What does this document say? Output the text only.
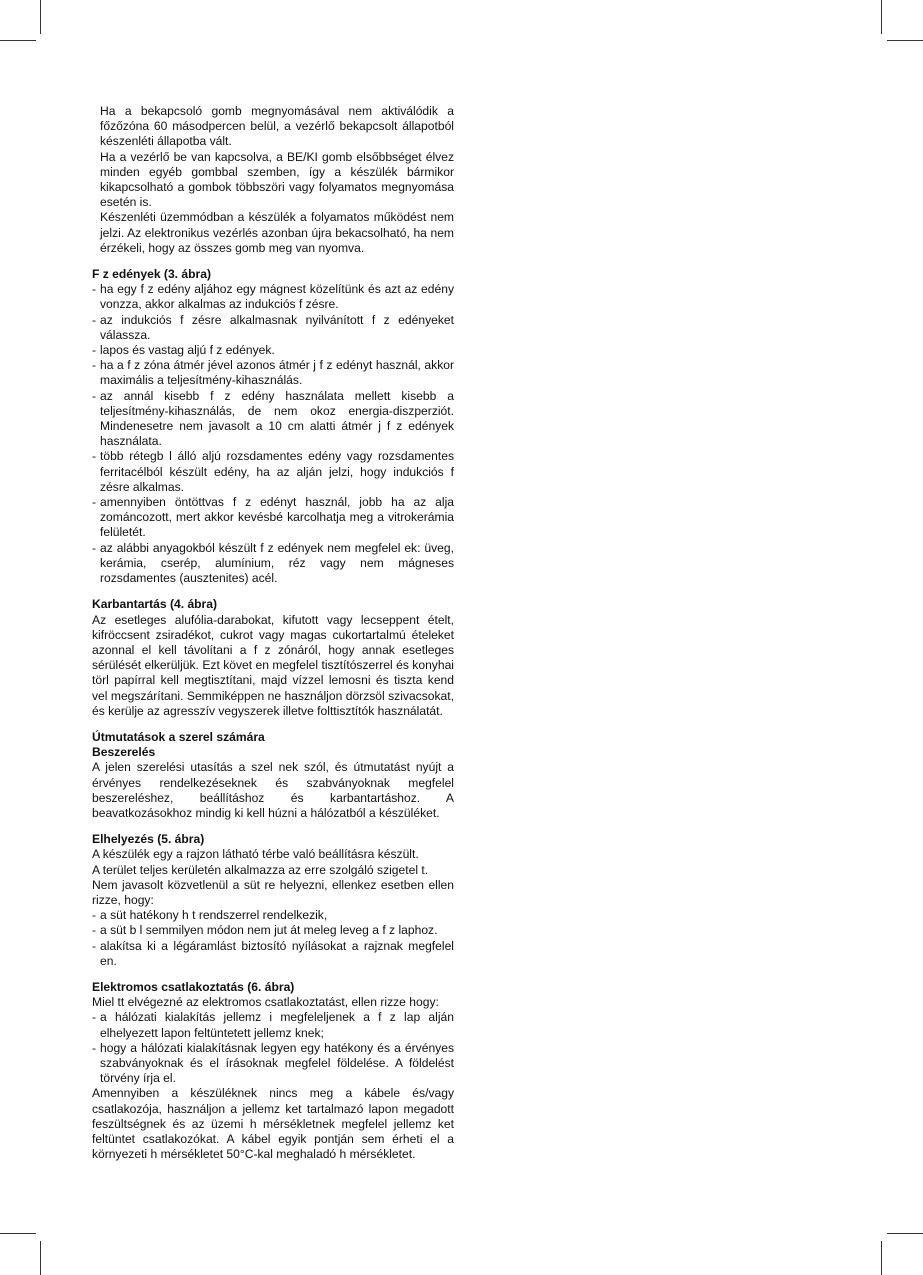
Ha a bekapcsoló gomb megnyomásával nem aktiválódik a főzőzóna 60 másodpercen belül, a vezérlő bekapcsolt állapotból készenléti állapotba vált.

Ha a vezérlő be van kapcsolva, a BE/KI gomb elsőbbséget élvez minden egyéb gombbal szemben, így a készülék bármikor kikapcsolható a gombok többszöri vagy folyamatos megnyomása esetén is.

Készenléti üzemmódban a készülék a folyamatos működést nem jelzi. Az elektronikus vezérlés azonban újra bekacsolható, ha nem érzékeli, hogy az összes gomb meg van nyomva.

F z edények (3. ábra)

- ha egy f z edény aljához egy mágnest közelítünk és azt az edény vonzza, akkor alkalmas az indukciós f zésre.
- az indukciós f zésre alkalmasnak nyilvánított f z edényeket válassza.
- lapos és vastag aljú f z edények.
- ha a f z zóna átmér jével azonos átmér j f z edényt használ, akkor maximális a teljesítmény-kihasználás.
- az annál kisebb f z edény használata mellett kisebb a teljesítmény-kihasználás, de nem okoz energia-diszperziót. Mindenesetre nem javasolt a 10 cm alatti átmér j f z edények használata.
- több rétegb l álló aljú rozsdamentes edény vagy rozsdamentes ferritacélból készült edény, ha az alján jelzi, hogy indukciós f zésre alkalmas.
- amennyiben öntöttvas f z edényt használ, jobb ha az alja zománcozott, mert akkor kevésbé karcolhatja meg a vitrokerámia felületét.
- az alábbi anyagokból készült f z edények nem megfelel ek: üveg, kerámia, cserép, alumínium, réz vagy nem mágneses rozsdamentes (ausztenites) acél.

Karbantartás (4. ábra)

Az esetleges alufólia-darabokat, kifutott vagy lecseppent ételt, kifröccsent zsiradékot, cukrot vagy magas cukortartalmú ételeket azonnal el kell távolítani a f z zónáról, hogy annak esetleges sérülését elkerüljük. Ezt követ en megfelel tisztítószerrel és konyhai törl papírral kell megtisztítani, majd vízzel lemosni és tiszta kend vel megszárítani. Semmiképpen ne használjon dörzsöl szivacsokat, és kerülje az agresszív vegyszerek illetve folttisztítók használatát.

Útmutatások a szerel számára

Beszerelés

A jelen szerelési utasítás a szel nek szól, és útmutatást nyújt a érvényes rendelkezéseknek és szabványoknak megfelel beszereléshez, beállításhoz és karbantartáshoz. A beavatkozásokhoz mindig ki kell húzni a hálózatból a készüléket.

Elhelyezés (5. ábra)

A készülék egy a rajzon látható térbe való beállításra készült.

A terület teljes kerületén alkalmazza az erre szolgáló szigetel t.

Nem javasolt közvetlenül a süt re helyezni, ellenkez esetben ellen rizze, hogy:

- a süt hatékony h t rendszerrel rendelkezik,
- a süt b l semmilyen módon nem jut át meleg leveg a f z laphoz.
- alakítsa ki a légáramlást biztosító nyílásokat a rajznak megfelel en.

Elektromos csatlakoztatás (6. ábra)

Miel tt elvégezné az elektromos csatlakoztatást, ellen rizze hogy:

- a hálózati kialakítás jellemz i megfeleljenek a f z lap alján elhelyezett lapon feltüntetett jellemz knek;
- hogy a hálózati kialakításnak legyen egy hatékony és a érvényes szabványoknak és el írásoknak megfelel földelése. A földelést törvény írja el.

Amennyiben a készüléknek nincs meg a kábele és/vagy csatlakozója, használjon a jellemz ket tartalmazó lapon megadott feszültségnek és az üzemi h mérsékletnek megfelel jellemz ket feltüntet csatlakozókat. A kábel egyik pontján sem érheti el a környezeti h mérsékletet 50°C-kal meghaladó h mérsékletet.
